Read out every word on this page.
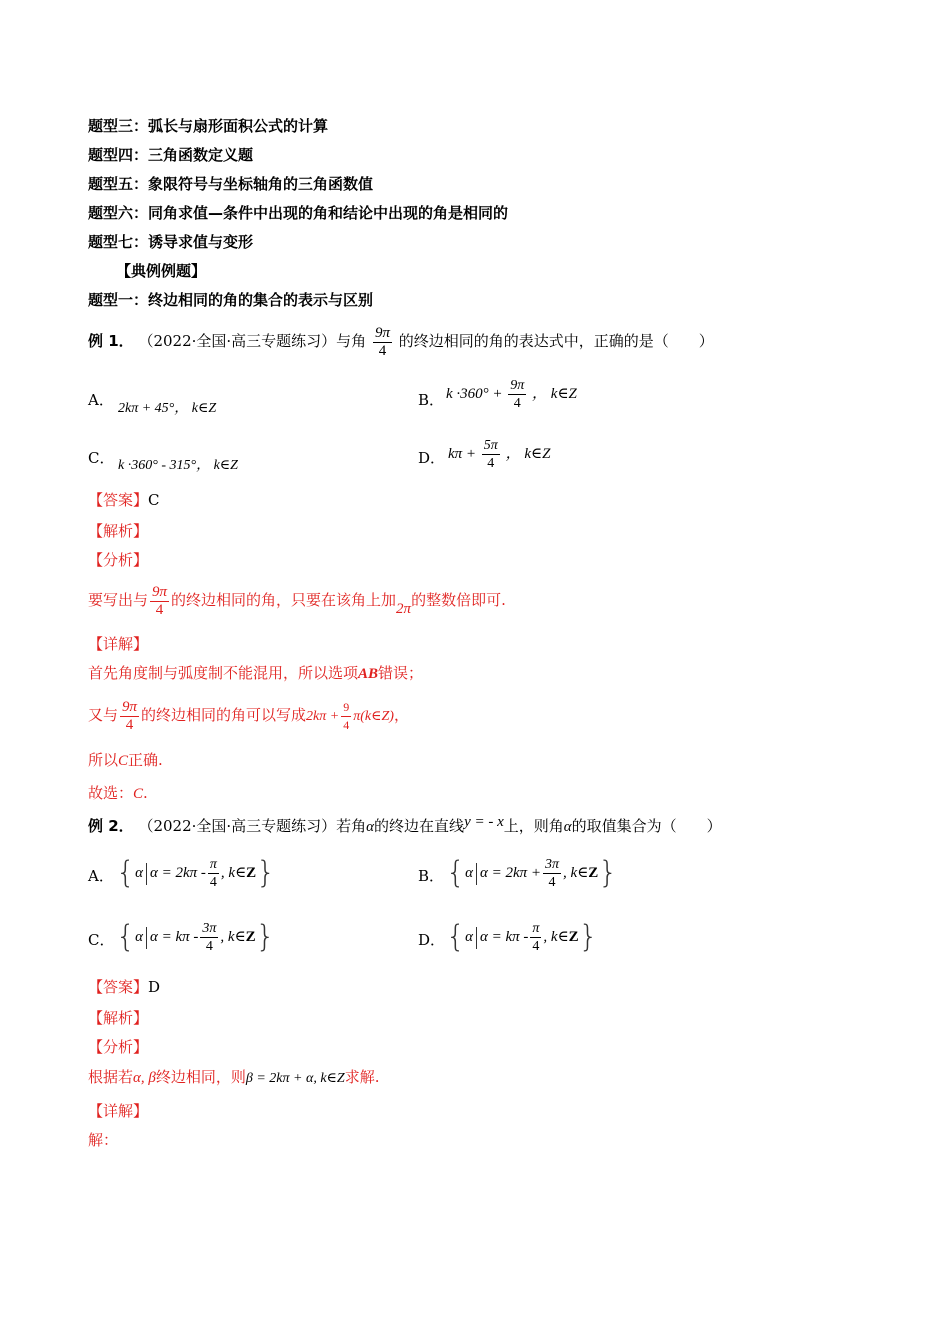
题型三：弧长与扇形面积公式的计算
题型四：三角函数定义题
题型五：象限符号与坐标轴角的三角函数值
题型六：同角求值—条件中出现的角和结论中出现的角是相同的
题型七：诱导求值与变形
【典例例题】
题型一：终边相同的角的集合的表示与区别
例 1． （2022·全国·高三专题练习）与角 $\frac{9\pi}{4}$ 的终边相同的角的表达式中，正确的是（　　）
A． 2kπ + 45°， k∈Z	B． $k \cdot 360^\circ + \frac{9\pi}{4}$ ， k∈Z
C． k ·360° - 315°， k∈Z	D． $k\pi + \frac{5\pi}{4}$ ， k∈Z
【答案】C
【解析】
【分析】
要写出与 $\frac{9\pi}{4}$ 的终边相同的角，只要在该角上加2π的整数倍即可.
【详解】
首先角度制与弧度制不能混用，所以选项AB错误；
又与 $\frac{9\pi}{4}$ 的终边相同的角可以写成$2k\pi + \frac{9}{4}$ π(k∈Z)，
所以C正确.
故选：C.
例 2． （2022·全国·高三专题练习）若角α的终边在直线y = - x上，则角α的取值集合为（　　）
A． {α $\alpha = 2k\pi - \frac{\pi}{4}$ , k∈Z}	B． {α $\alpha = 2k\pi + \frac{3\pi}{4}$ , k∈Z}
C． {α $\alpha = k\pi - \frac{3\pi}{4}$ , k∈Z}	D． {α $\alpha = k\pi - \frac{\pi}{4}$ , k∈Z}
【答案】D
【解析】
【分析】
根据若α, β终边相同，则β = 2kπ + α, k∈Z求解.
【详解】
解：
